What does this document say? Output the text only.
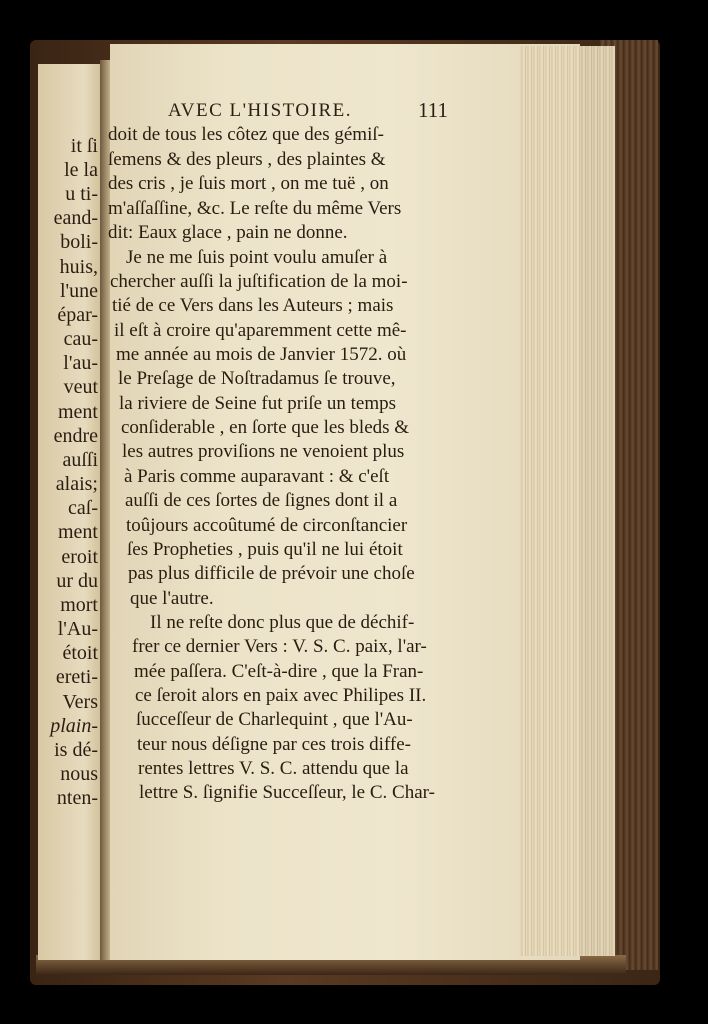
it ſi
le la
u ti-
eand-
boli-
huis,
l'une
épar-
cau-
l'au-
veut
ment
endre
auſſi
alais;
caſ-
ment
eroit
ur du
mort
l'Au-
étoit
ereti-
Vers
plain-
is dé-
nous
nten-
AVEC L'HISTOIRE.	111
doit de tous les côtez que des gémiſ-
ſemens & des pleurs , des plaintes &
des cris , je ſuis mort , on me tuë , on
m'aſſaſſine, &c. Le reſte du même Vers
dit: Eaux glace , pain ne donne.
Je ne me ſuis point voulu amuſer à
chercher auſſi la juſtification de la moi-
tié de ce Vers dans les Auteurs ; mais
il eſt à croire qu'aparemment cette mê-
me année au mois de Janvier 1572. où
le Preſage de Noſtradamus ſe trouve,
la riviere de Seine fut priſe un temps
conſiderable , en ſorte que les bleds &
les autres proviſions ne venoient plus
à Paris comme auparavant : & c'eſt
auſſi de ces ſortes de ſignes dont il a
toûjours accoûtumé de circonſtancier
ſes Propheties , puis qu'il ne lui étoit
pas plus difficile de prévoir une choſe
que l'autre.
Il ne reſte donc plus que de déchif-
frer ce dernier Vers : V. S. C. paix, l'ar-
mée paſſera. C'eſt-à-dire , que la Fran-
ce ſeroit alors en paix avec Philipes II.
ſucceſſeur de Charlequint , que l'Au-
teur nous déſigne par ces trois diffe-
rentes lettres V. S. C. attendu que la
lettre S. ſignifie Succeſſeur, le C. Char-
